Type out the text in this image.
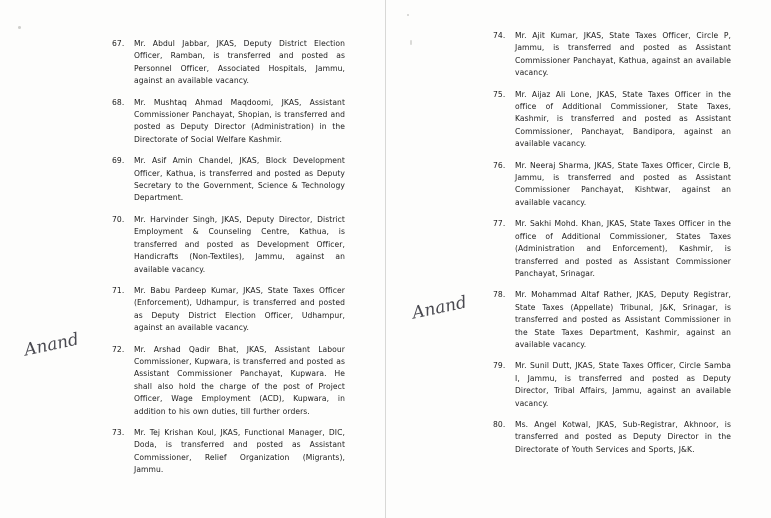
67.	Mr. Abdul Jabbar, JKAS, Deputy District Election Officer, Ramban, is transferred and posted as Personnel Officer, Associated Hospitals, Jammu, against an available vacancy.
68.	Mr. Mushtaq Ahmad Maqdoomi, JKAS, Assistant Commissioner Panchayat, Shopian, is transferred and posted as Deputy Director (Administration) in the Directorate of Social Welfare Kashmir.
69.	Mr. Asif Amin Chandel, JKAS, Block Development Officer, Kathua, is transferred and posted as Deputy Secretary to the Government, Science & Technology Department.
70.	Mr. Harvinder Singh, JKAS, Deputy Director, District Employment & Counseling Centre, Kathua, is transferred and posted as Development Officer, Handicrafts (Non-Textiles), Jammu, against an available vacancy.
71.	Mr. Babu Pardeep Kumar, JKAS, State Taxes Officer (Enforcement), Udhampur, is transferred and posted as Deputy District Election Officer, Udhampur, against an available vacancy.
72.	Mr. Arshad Qadir Bhat, JKAS, Assistant Labour Commissioner, Kupwara, is transferred and posted as Assistant Commissioner Panchayat, Kupwara. He shall also hold the charge of the post of Project Officer, Wage Employment (ACD), Kupwara, in addition to his own duties, till further orders.
73.	Mr. Tej Krishan Koul, JKAS, Functional Manager, DIC, Doda, is transferred and posted as Assistant Commissioner, Relief Organization (Migrants), Jammu.
74.	Mr. Ajit Kumar, JKAS, State Taxes Officer, Circle P, Jammu, is transferred and posted as Assistant Commissioner Panchayat, Kathua, against an available vacancy.
75.	Mr. Aijaz Ali Lone, JKAS, State Taxes Officer in the office of Additional Commissioner, State Taxes, Kashmir, is transferred and posted as Assistant Commissioner, Panchayat, Bandipora, against an available vacancy.
76.	Mr. Neeraj Sharma, JKAS, State Taxes Officer, Circle B, Jammu, is transferred and posted as Assistant Commissioner Panchayat, Kishtwar, against an available vacancy.
77.	Mr. Sakhi Mohd. Khan, JKAS, State Taxes Officer in the office of Additional Commissioner, States Taxes (Administration and Enforcement), Kashmir, is transferred and posted as Assistant Commissioner Panchayat, Srinagar.
78.	Mr. Mohammad Altaf Rather, JKAS, Deputy Registrar, State Taxes (Appellate) Tribunal, J&K, Srinagar, is transferred and posted as Assistant Commissioner in the State Taxes Department, Kashmir, against an available vacancy.
79.	Mr. Sunil Dutt, JKAS, State Taxes Officer, Circle Samba I, Jammu, is transferred and posted as Deputy Director, Tribal Affairs, Jammu, against an available vacancy.
80.	Ms. Angel Kotwal, JKAS, Sub-Registrar, Akhnoor, is transferred and posted as Deputy Director in the Directorate of Youth Services and Sports, J&K.
Anand
Anand
